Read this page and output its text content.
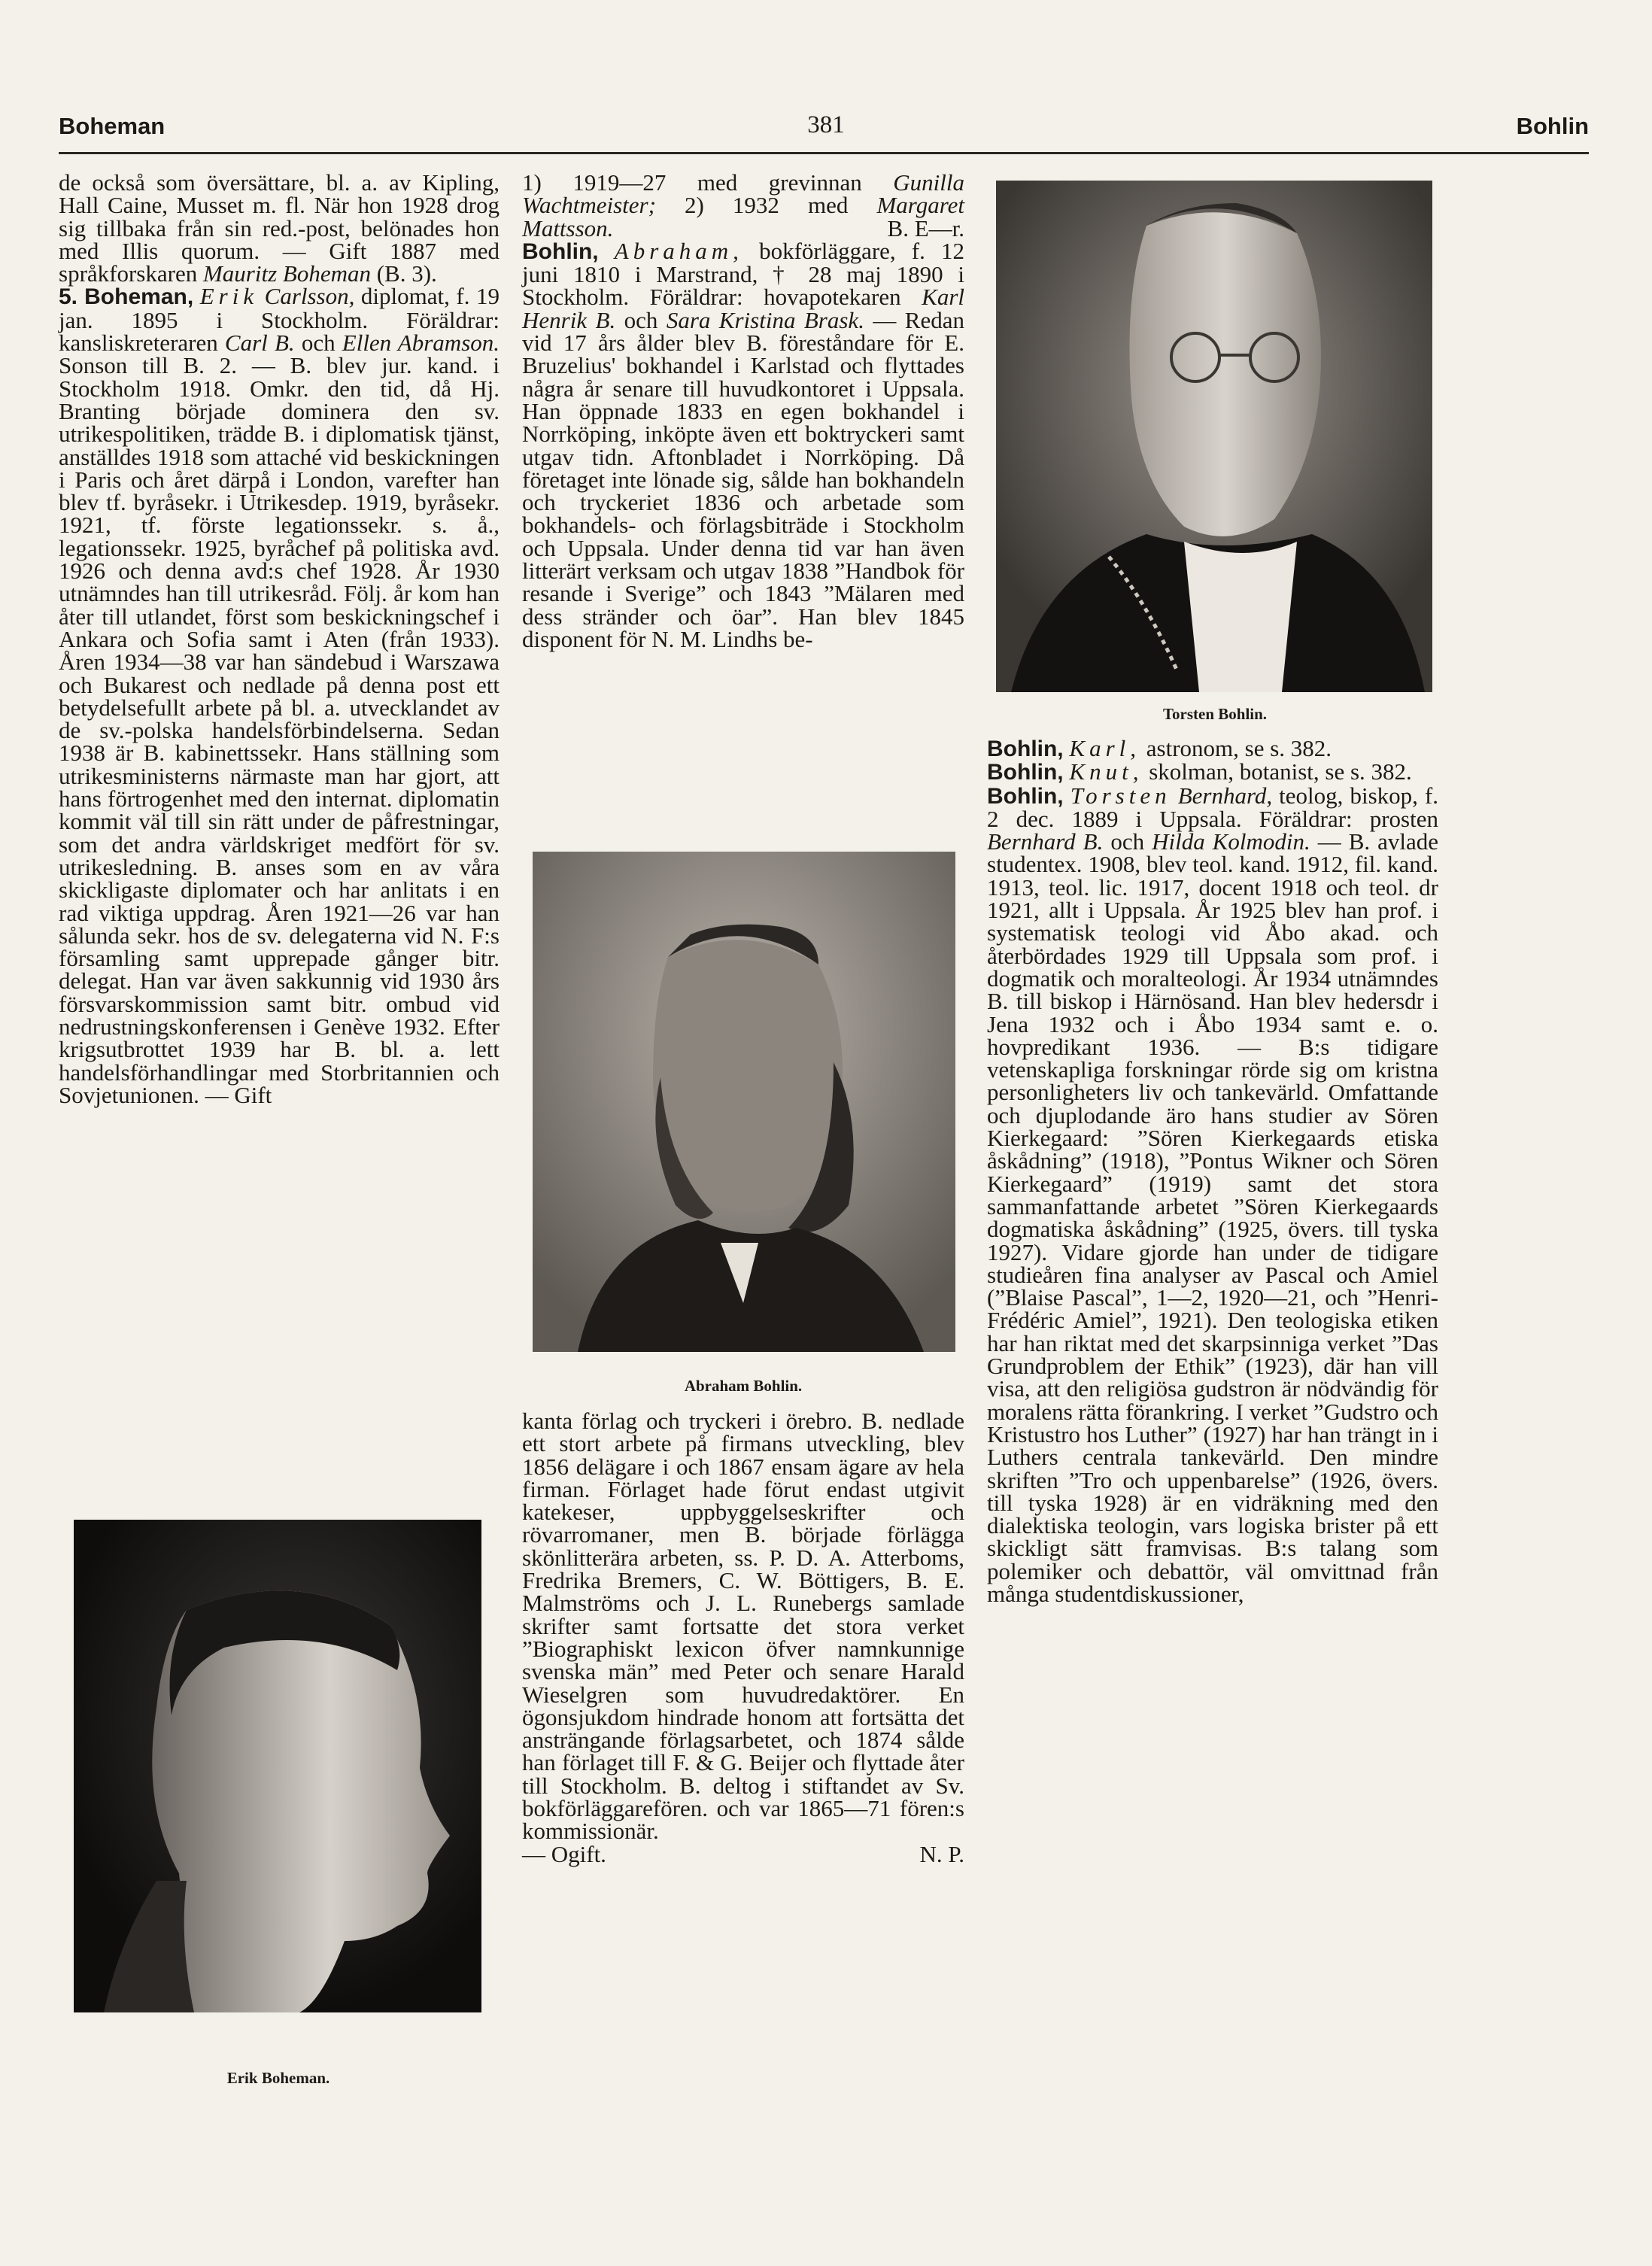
Boheman	381	Bohlin

de också som översättare, bl. a. av Kipling, Hall Caine, Musset m. fl. När hon 1928 drog sig tillbaka från sin red.-post, belönades hon med Illis quorum. — Gift 1887 med språkforskaren Mauritz Boheman (B. 3).

5. Boheman, Erik Carlsson, diplomat, f. 19 jan. 1895 i Stockholm. Föräldrar: kansliskreteraren Carl B. och Ellen Abramson. Sonson till B. 2. — B. blev jur. kand. i Stockholm 1918. Omkr. den tid, då Hj. Branting började dominera den sv. utrikespolitiken, trädde B. i diplomatisk tjänst, anställdes 1918 som attaché vid beskickningen i Paris och året därpå i London, varefter han blev tf. byråsekr. i Utrikesdep. 1919, byråsekr. 1921, tf. förste legationssekr. s. å., legationssekr. 1925, byråchef på politiska avd. 1926 och denna avd:s chef 1928. År 1930 utnämndes han till utrikesråd. Följ. år kom han åter till utlandet, först som beskickningschef i Ankara och Sofia samt i Aten (från 1933). Åren 1934—38 var han sändebud i Warszawa och Bukarest och nedlade på denna post ett betydelsefullt arbete på bl. a. utvecklandet av de sv.-polska handelsförbindelserna. Sedan 1938 är B. kabinettssekr. Hans ställning som utrikesministerns närmaste man har gjort, att hans förtrogenhet med den internat. diplomatin kommit väl till sin rätt under de påfrestningar, som det andra världskriget medfört för sv. utrikesledning. B. anses som en av våra skickligaste diplomater och har anlitats i en rad viktiga uppdrag. Åren 1921—26 var han sålunda sekr. hos de sv. delegaterna vid N. F:s församling samt upprepade gånger bitr. delegat. Han var även sakkunnig vid 1930 års försvarskommission samt bitr. ombud vid nedrustningskonferensen i Genève 1932. Efter krigsutbrottet 1939 har B. bl. a. lett handelsförhandlingar med Storbritannien och Sovjetunionen. — Gift

Erik Boheman.

1) 1919—27 med grevinnan Gunilla Wachtmeister; 2) 1932 med Margaret Mattsson.	B. E—r.

Bohlin, Abraham, bokförläggare, f. 12 juni 1810 i Marstrand, † 28 maj 1890 i Stockholm. Föräldrar: hovapotekaren Karl Henrik B. och Sara Kristina Brask. — Redan vid 17 års ålder blev B. föreståndare för E. Bruzelius' bokhandel i Karlstad och flyttades några år senare till huvudkontoret i Uppsala. Han öppnade 1833 en egen bokhandel i Norrköping, inköpte även ett boktryckeri samt utgav tidn. Aftonbladet i Norrköping. Då företaget inte lönade sig, sålde han bokhandeln och tryckeriet 1836 och arbetade som bokhandels- och förlagsbiträde i Stockholm och Uppsala. Under denna tid var han även litterärt verksam och utgav 1838 ”Handbok för resande i Sverige” och 1843 ”Mälaren med dess stränder och öar”. Han blev 1845 disponent för N. M. Lindhs be-

Abraham Bohlin.

kanta förlag och tryckeri i örebro. B. nedlade ett stort arbete på firmans utveckling, blev 1856 delägare i och 1867 ensam ägare av hela firman. Förlaget hade förut endast utgivit katekeser, uppbyggelseskrifter och rövarromaner, men B. började förlägga skönlitterära arbeten, ss. P. D. A. Atterboms, Fredrika Bremers, C. W. Böttigers, B. E. Malmströms och J. L. Runebergs samlade skrifter samt fortsatte det stora verket ”Biographiskt lexicon öfver namnkunnige svenska män” med Peter och senare Harald Wieselgren som huvudredaktörer. En ögonsjukdom hindrade honom att fortsätta det ansträngande förlagsarbetet, och 1874 sålde han förlaget till F. & G. Beijer och flyttade åter till Stockholm. B. deltog i stiftandet av Sv. bokförläggarefören. och var 1865—71 fören:s kommissionär.

— Ogift.	N. P.

Torsten Bohlin.

Bohlin, Karl, astronom, se s. 382.

Bohlin, Knut, skolman, botanist, se s. 382.

Bohlin, Torsten Bernhard, teolog, biskop, f. 2 dec. 1889 i Uppsala. Föräldrar: prosten Bernhard B. och Hilda Kolmodin. — B. avlade studentex. 1908, blev teol. kand. 1912, fil. kand. 1913, teol. lic. 1917, docent 1918 och teol. dr 1921, allt i Uppsala. År 1925 blev han prof. i systematisk teologi vid Åbo akad. och återbördades 1929 till Uppsala som prof. i dogmatik och moralteologi. År 1934 utnämndes B. till biskop i Härnösand. Han blev hedersdr i Jena 1932 och i Åbo 1934 samt e. o. hovpredikant 1936. — B:s tidigare vetenskapliga forskningar rörde sig om kristna personligheters liv och tankevärld. Omfattande och djuplodande äro hans studier av Sören Kierkegaard: ”Sören Kierkegaards etiska åskådning” (1918), ”Pontus Wikner och Sören Kierkegaard” (1919) samt det stora sammanfattande arbetet ”Sören Kierkegaards dogmatiska åskådning” (1925, övers. till tyska 1927). Vidare gjorde han under de tidigare studieåren fina analyser av Pascal och Amiel (”Blaise Pascal”, 1—2, 1920—21, och ”Henri-Frédéric Amiel”, 1921). Den teologiska etiken har han riktat med det skarpsinniga verket ”Das Grundproblem der Ethik” (1923), där han vill visa, att den religiösa gudstron är nödvändig för moralens rätta förankring. I verket ”Gudstro och Kristustro hos Luther” (1927) har han trängt in i Luthers centrala tankevärld. Den mindre skriften ”Tro och uppenbarelse” (1926, övers. till tyska 1928) är en vidräkning med den dialektiska teologin, vars logiska brister på ett skickligt sätt framvisas. B:s talang som polemiker och debattör, väl omvittnad från många studentdiskussioner,
